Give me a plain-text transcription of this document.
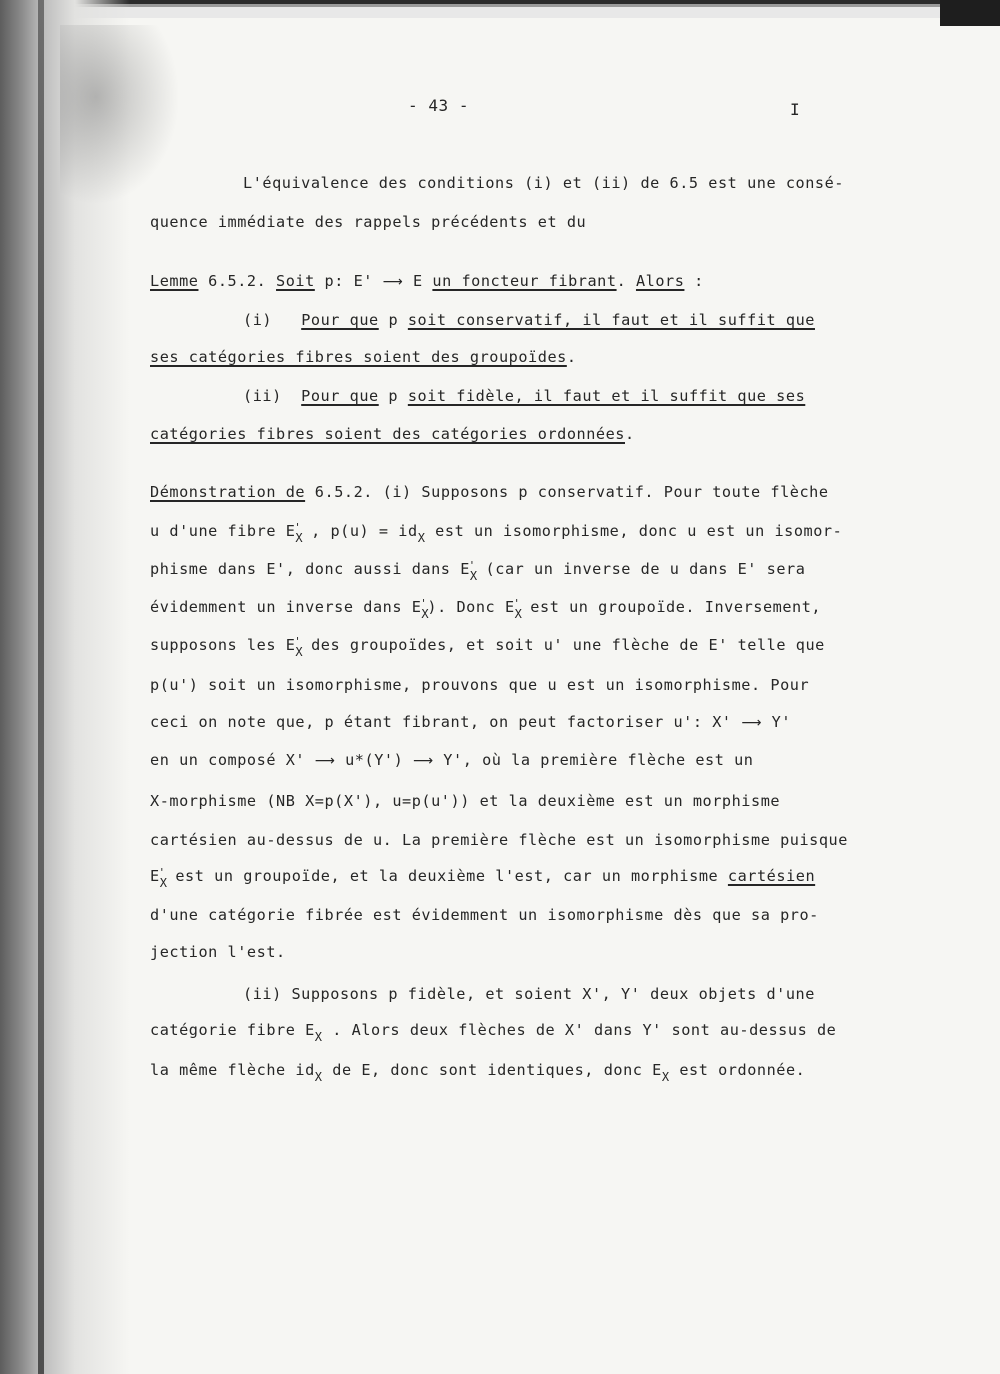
- 43 -	I
L'équivalence des conditions (i) et (ii) de 6.5 est une consé-
quence immédiate des rappels précédents et du
Lemme 6.5.2. Soit p: E' ⟶ E un foncteur fibrant. Alors :
(i) Pour que p soit conservatif, il faut et il suffit que
ses catégories fibres soient des groupoïdes.
(ii) Pour que p soit fidèle, il faut et il suffit que ses
catégories fibres soient des catégories ordonnées.
Démonstration de 6.5.2. (i) Supposons p conservatif. Pour toute flèche
u d'une fibre $E_X'$ , $p(u) = id_X$ est un isomorphisme, donc u est un isomor-
phisme dans E', donc aussi dans $E_X'$ (car un inverse de u dans E' sera
évidemment un inverse dans $E_X'$). Donc $E_X'$ est un groupoïde. Inversement,
supposons les $E_X'$ des groupoïdes, et soit u' une flèche de E' telle que
p(u') soit un isomorphisme, prouvons que u est un isomorphisme. Pour
ceci on note que, p étant fibrant, on peut factoriser u': X' ⟶ Y'
en un composé X' ⟶ u*(Y') ⟶ Y', où la première flèche est un
X-morphisme (NB X=p(X'), u=p(u')) et la deuxième est un morphisme
cartésien au-dessus de u. La première flèche est un isomorphisme puisque
$E_X'$ est un groupoïde, et la deuxième l'est, car un morphisme cartésien
d'une catégorie fibrée est évidemment un isomorphisme dès que sa pro-
jection l'est.
(ii) Supposons p fidèle, et soient X', Y' deux objets d'une
catégorie fibre $E_X$ . Alors deux flèches de X' dans Y' sont au-dessus de
la même flèche $id_X$ de E, donc sont identiques, donc $E_X$ est ordonnée.
